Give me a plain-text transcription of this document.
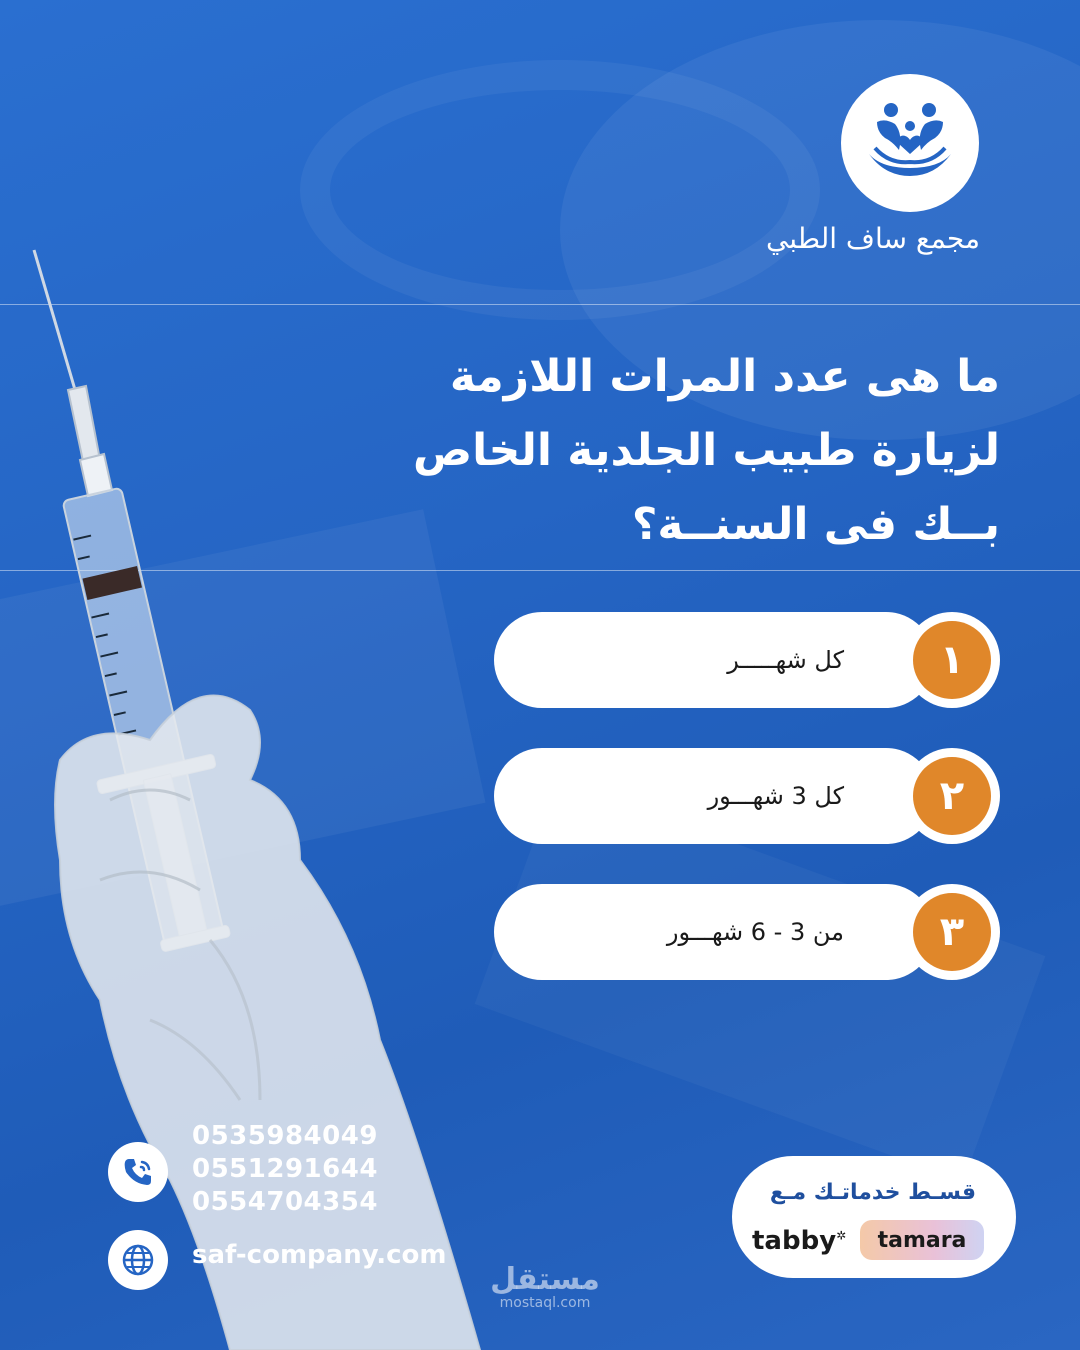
مجمع ساف الطبي
ما هى عدد المرات اللازمة
لزيارة طبيب الجلدية الخاص
بــك فى السنــة؟
كل شهـــــر	١
كل 3 شهـــور	٢
من 3 - 6 شهـــور	٣
0535984049
0551291644
0554704354
saf-company.com
قسـط خدماتـك مـع
tabby✲	tamara
مستقل
mostaql.com
